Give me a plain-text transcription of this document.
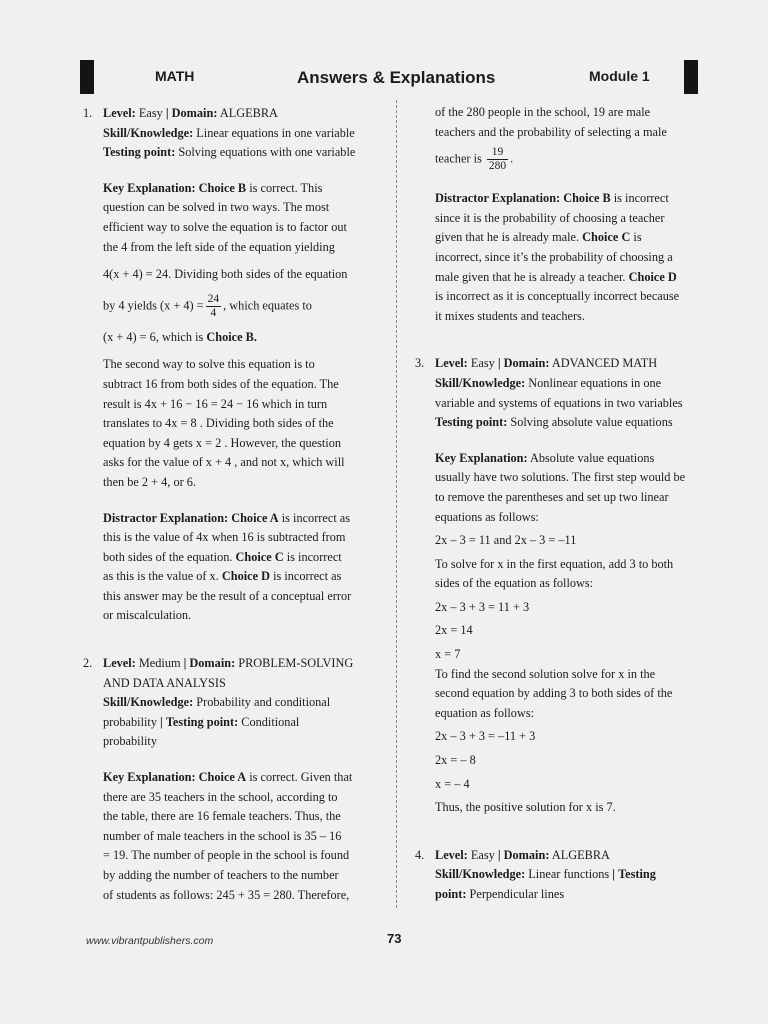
MATH	Answers & Explanations	Module 1
1. Level: Easy | Domain: ALGEBRA

Skill/Knowledge: Linear equations in one variable

Testing point: Solving equations with one variable

Key Explanation: Choice B is correct. This

question can be solved in two ways. The most

efficient way to solve the equation is to factor out

the 4 from the left side of the equation yielding

4(x + 4) = 24. Dividing both sides of the equation

by 4 yields $(x + 4) = \frac{24}{4}$ , which equates to

(x + 4) = 6, which is Choice B.

The second way to solve this equation is to

subtract 16 from both sides of the equation. The

result is 4x + 16 − 16 = 24 − 16 which in turn

translates to 4x = 8 . Dividing both sides of the

equation by 4 gets x = 2 . However, the question

asks for the value of x + 4 , and not x, which will

then be 2 + 4, or 6.

Distractor Explanation: Choice A is incorrect as

this is the value of 4x when 16 is subtracted from

both sides of the equation. Choice C is incorrect

as this is the value of x. Choice D is incorrect as

this answer may be the result of a conceptual error

or miscalculation.

2. Level: Medium | Domain: PROBLEM-SOLVING

AND DATA ANALYSIS

Skill/Knowledge: Probability and conditional

probability | Testing point: Conditional

probability

Key Explanation: Choice A is correct. Given that

there are 35 teachers in the school, according to

the table, there are 16 female teachers. Thus, the

number of male teachers in the school is 35 – 16

= 19. The number of people in the school is found

by adding the number of teachers to the number

of students as follows: 245 + 35 = 280. Therefore,

of the 280 people in the school, 19 are male

teachers and the probability of selecting a male

teacher is $\frac{19}{280}$ .

Distractor Explanation: Choice B is incorrect

since it is the probability of choosing a teacher

given that he is already male. Choice C is

incorrect, since it’s the probability of choosing a

male given that he is already a teacher. Choice D

is incorrect as it is conceptually incorrect because

it mixes students and teachers.

3. Level: Easy | Domain: ADVANCED MATH

Skill/Knowledge: Nonlinear equations in one

variable and systems of equations in two variables

Testing point: Solving absolute value equations

Key Explanation: Absolute value equations

usually have two solutions. The first step would be

to remove the parentheses and set up two linear

equations as follows:

2x – 3 = 11 and 2x – 3 = –11

To solve for x in the first equation, add 3 to both

sides of the equation as follows:

2x – 3 + 3 = 11 + 3

2x = 14

x = 7

To find the second solution solve for x in the

second equation by adding 3 to both sides of the

equation as follows:

2x – 3 + 3 = –11 + 3

2x = – 8

x = – 4

Thus, the positive solution for x is 7.

4. Level: Easy | Domain: ALGEBRA

Skill/Knowledge: Linear functions | Testing

point: Perpendicular lines

www.vibrantpublishers.com	73
